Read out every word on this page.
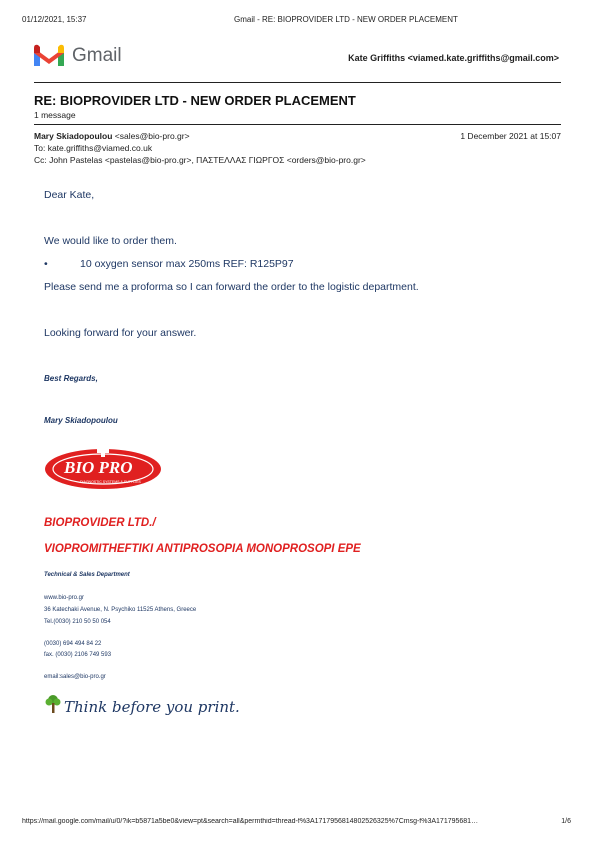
01/12/2021, 15:37	Gmail - RE: BIOPROVIDER LTD - NEW ORDER PLACEMENT
Gmail	Kate Griffiths <viamed.kate.griffiths@gmail.com>
RE: BIOPROVIDER LTD - NEW ORDER PLACEMENT
1 message
Mary Skiadopoulou <sales@bio-pro.gr>	1 December 2021 at 15:07
To: kate.griffiths@viamed.co.uk
Cc: John Pastelas <pastelas@bio-pro.gr>, ΠΑΣΤΕΛΛΑΣ ΓΙΩΡΓΟΣ <orders@bio-pro.gr>
Dear Kate,
We would like to order them.
•	10 oxygen sensor max 250ms REF: R125P97
Please send me a proforma so I can forward the order to the logistic department.
Looking forward for your answer.
Best Regards,
Mary Skiadopoulou
BIO PRO
DIAGNOSTIC SYSTEMS & SUPPLIES
BIOPROVIDER LTD./
VIOPROMITHEFTIKI ANTIPROSOPIA MONOPROSOPI EPE
Technical & Sales Department
www.bio-pro.gr
36 Katechaki Avenue, N. Psychiko 11525 Athens, Greece
Tel.(0030) 210 50 50 054
(0030) 694 494 84 22
fax. (0030) 2106 749 593
email:sales@bio-pro.gr
Think before you print.
https://mail.google.com/mail/u/0/?ik=b5871a5be0&view=pt&search=all&permthid=thread-f%3A1717956814802526325%7Cmsg-f%3A171795681…	1/6
